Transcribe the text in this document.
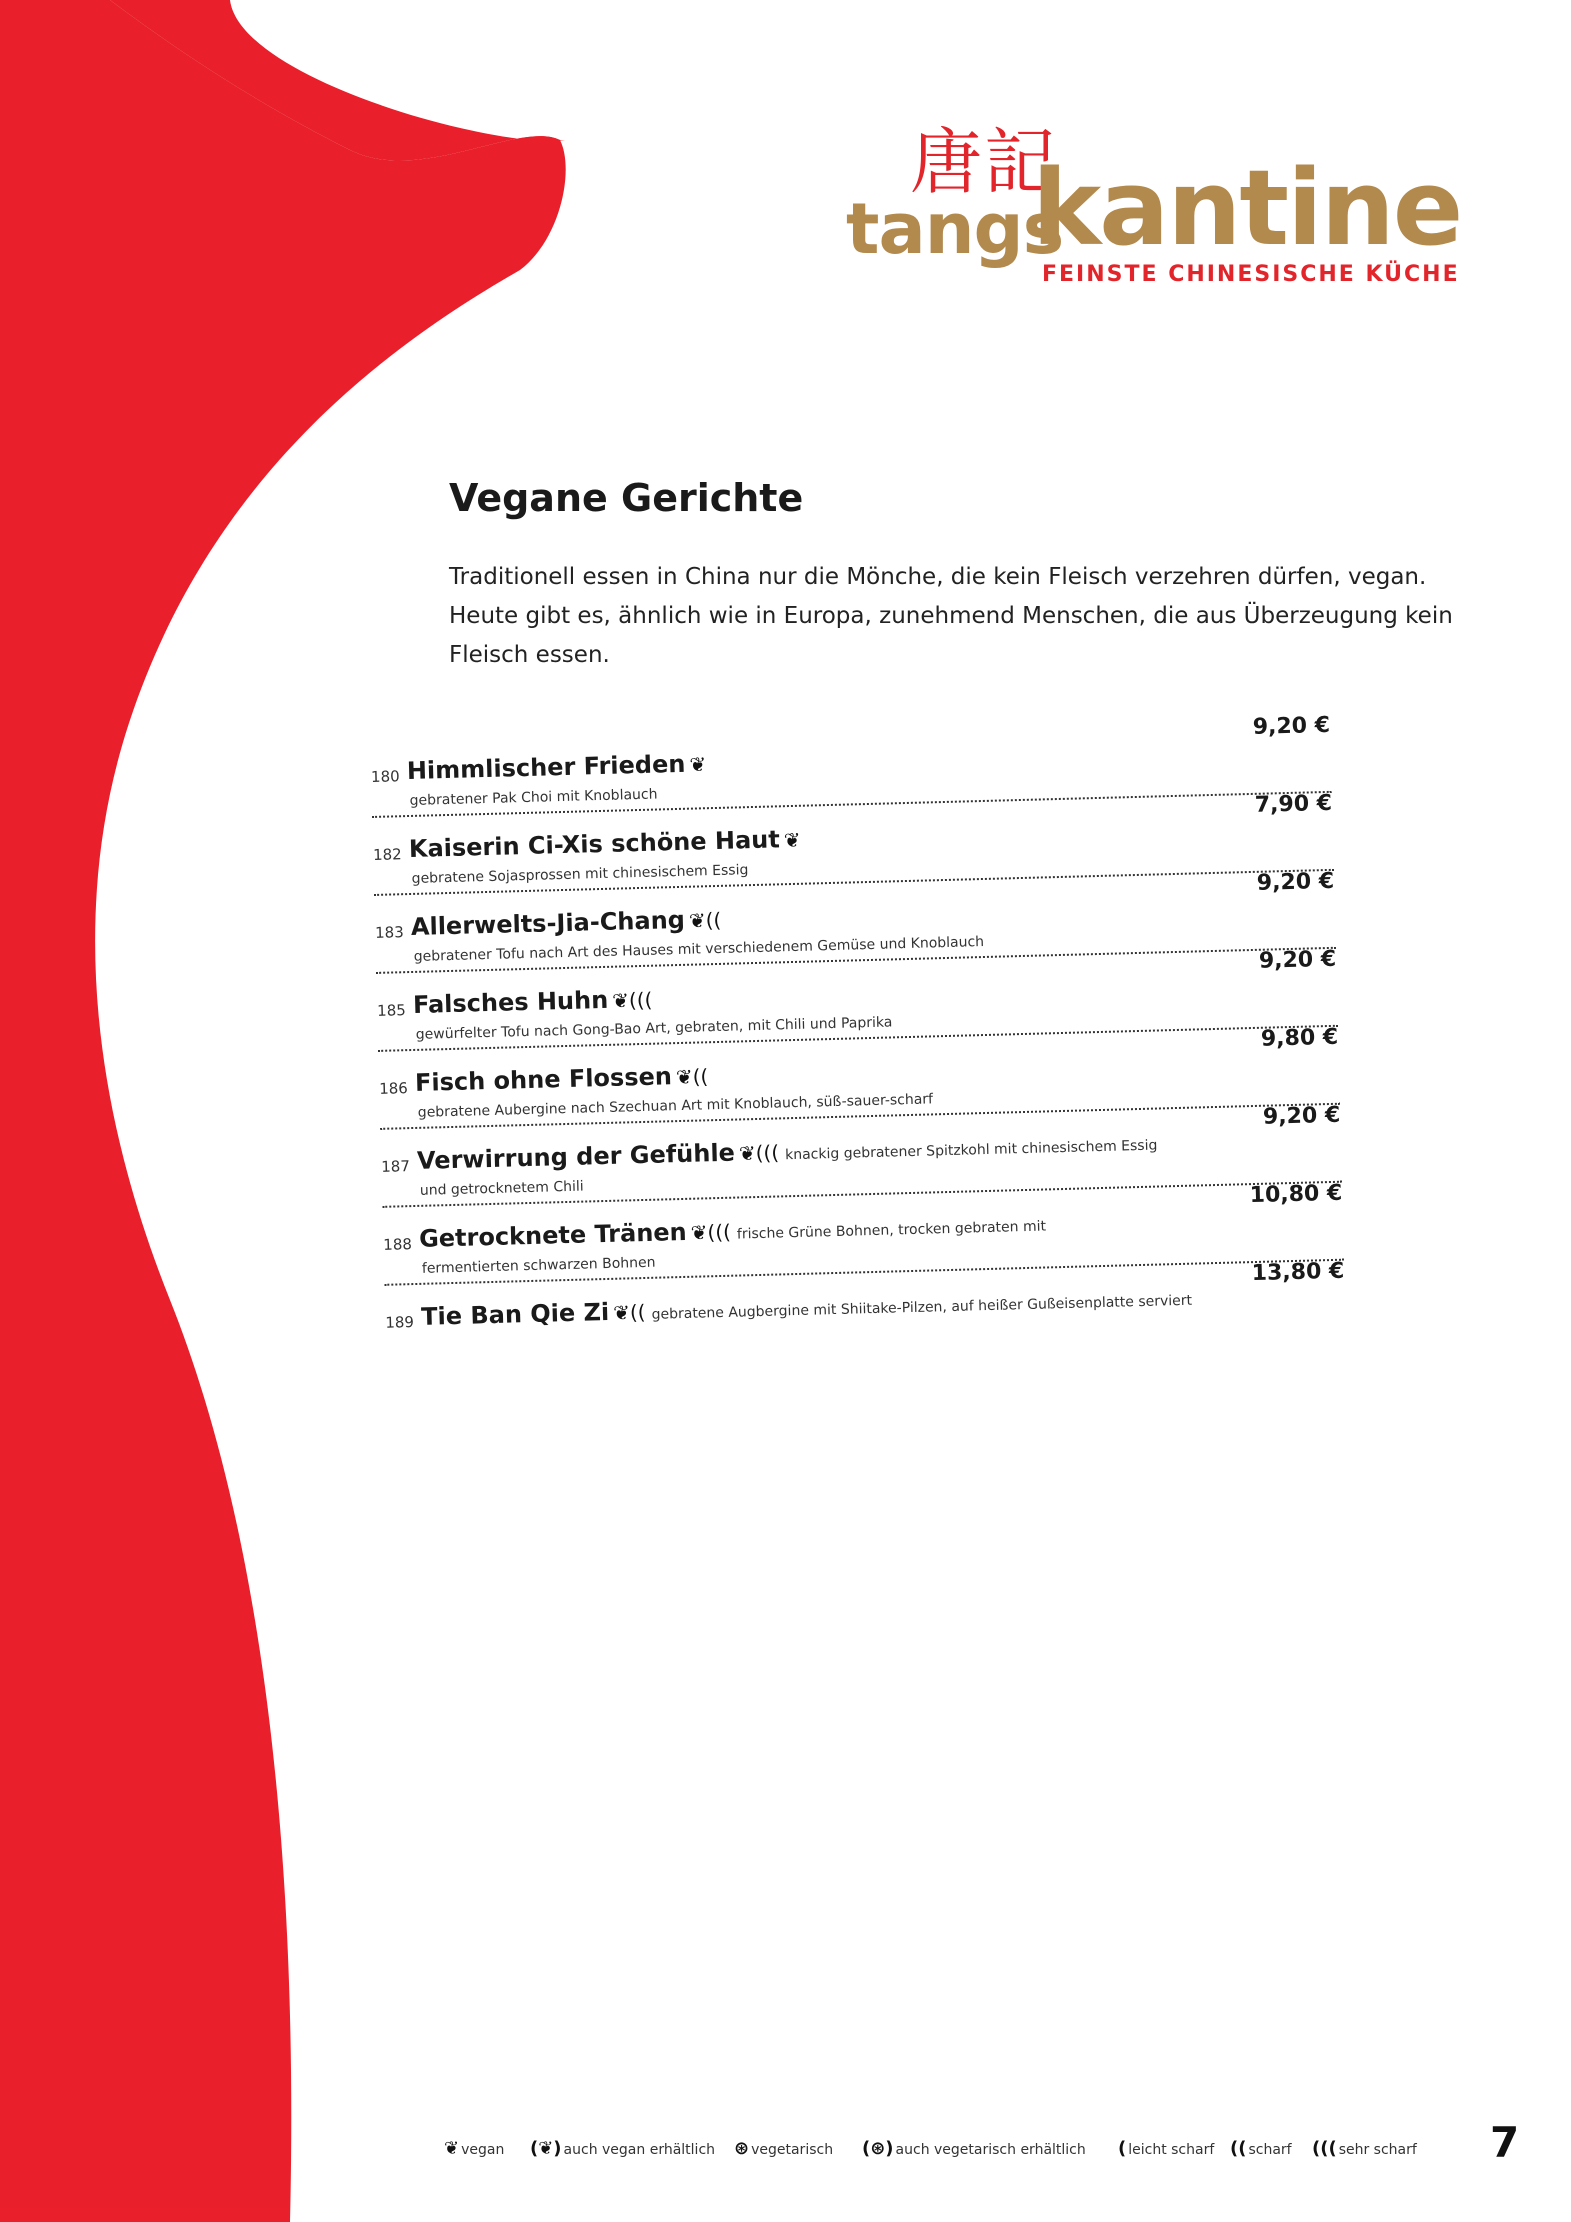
唐記
tangs
kantine
FEINSTE CHINESISCHE KÜCHE
Vegane Gerichte

Traditionell essen in China nur die Mönche, die kein Fleisch verzehren dürfen, vegan. Heute gibt es, ähnlich wie in Europa, zunehmend Menschen, die aus Überzeugung kein Fleisch essen.

180 Himmlischer Frieden ❦
gebratener Pak Choi mit Knoblauch
9,20 €
182 Kaiserin Ci-Xis schöne Haut ❦
gebratene Sojasprossen mit chinesischem Essig
7,90 €
183 Allerwelts-Jia-Chang ❦((
gebratener Tofu nach Art des Hauses mit verschiedenem Gemüse und Knoblauch
9,20 €
185 Falsches Huhn ❦(((
gewürfelter Tofu nach Gong-Bao Art, gebraten, mit Chili und Paprika
9,20 €
186 Fisch ohne Flossen ❦((
gebratene Aubergine nach Szechuan Art mit Knoblauch, süß-sauer-scharf
9,80 €
187 Verwirrung der Gefühle ❦((( knackig gebratener Spitzkohl mit chinesischem Essig
und getrocknetem Chili
9,20 €
188 Getrocknete Tränen ❦((( frische Grüne Bohnen, trocken gebraten mit
fermentierten schwarzen Bohnen
10,80 €
189 Tie Ban Qie Zi ❦(( gebratene Augbergine mit Shiitake-Pilzen, auf heißer Gußeisenplatte serviert
13,80 €
❦ vegan (❦) auch vegan erhältlich ⊛ vegetarisch (⊛) auch vegetarisch erhältlich ( leicht scharf (( scharf ((( sehr scharf 7
